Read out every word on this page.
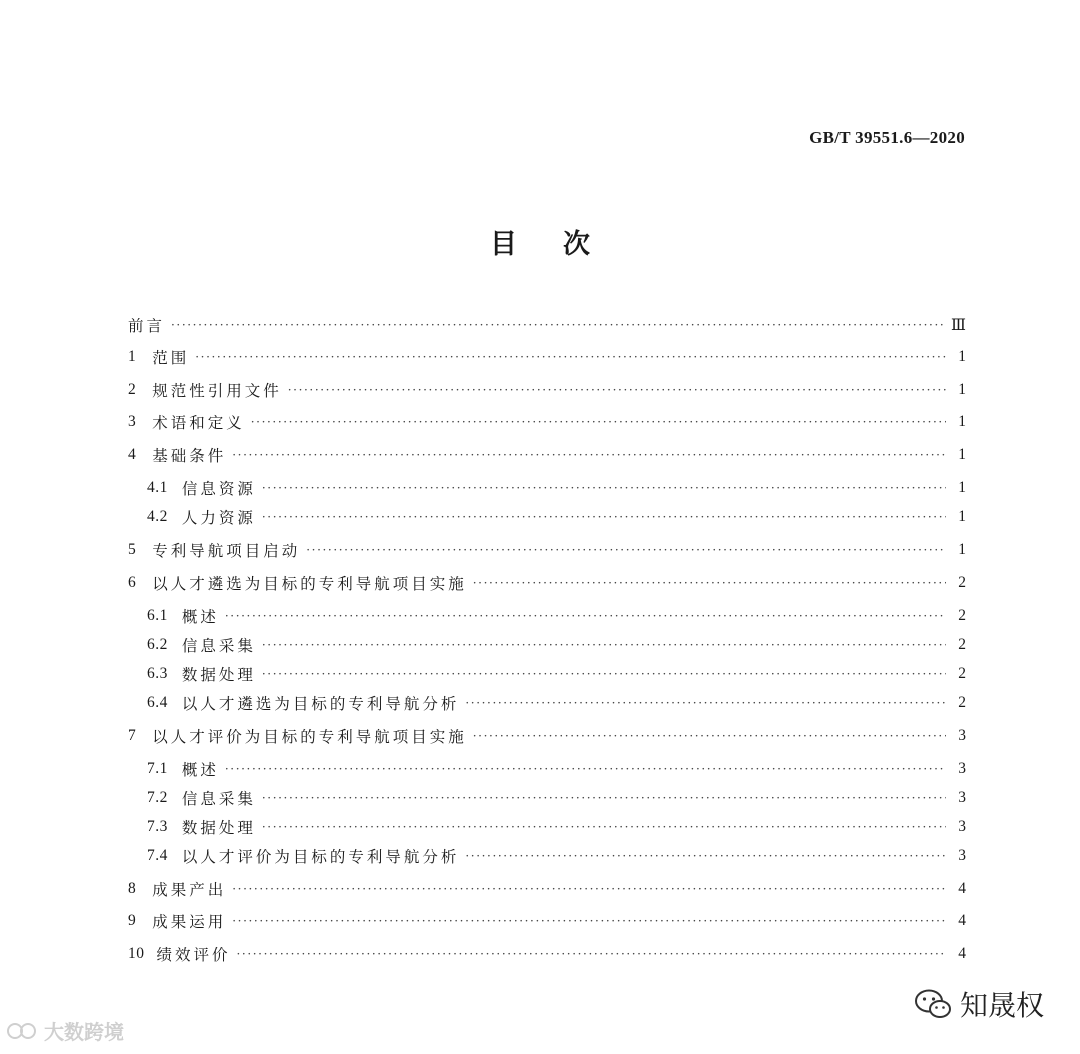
GB/T 39551.6—2020
目次
前言 ·····	Ⅲ
1 范围 ·····	1
2 规范性引用文件 ·····	1
3 术语和定义 ·····	1
4 基础条件 ·····	1
4.1 信息资源 ·····	1
4.2 人力资源 ·····	1
5 专利导航项目启动 ·····	1
6 以人才遴选为目标的专利导航项目实施 ·····	2
6.1 概述 ·····	2
6.2 信息采集 ·····	2
6.3 数据处理 ·····	2
6.4 以人才遴选为目标的专利导航分析 ·····	2
7 以人才评价为目标的专利导航项目实施 ·····	3
7.1 概述 ·····	3
7.2 信息采集 ·····	3
7.3 数据处理 ·····	3
7.4 以人才评价为目标的专利导航分析 ·····	3
8 成果产出 ·····	4
9 成果运用 ·····	4
10 绩效评价 ·····	4
大数跨境
知晟权
